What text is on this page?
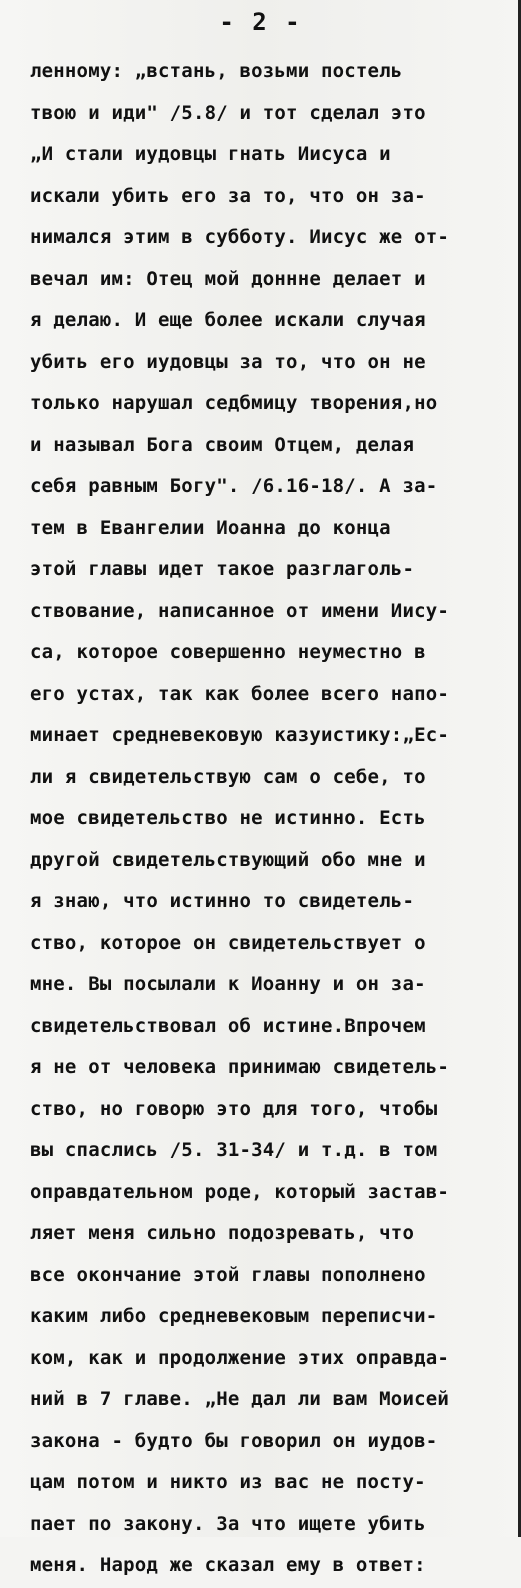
- 2 -
ленному: „встань, возьми постель
твою и иди" /5.8/ и тот сделал это
„И стали иудовцы гнать Иисуса и
искали убить его за то, что он за-
нимался этим в субботу. Иисус же от-
вечал им: Отец мой доннне делает и
я делаю. И еще более искали случая
убить его иудовцы за то, что он не
только нарушал седбмицу творения,но
и называл Бога своим Отцем, делая
себя равным Богу". /6.16-18/. А за-
тем в Евангелии Иоанна до конца
этой главы идет такое разглаголь-
ствование, написанное от имени Иису-
са, которое совершенно неуместно в
его устах, так как более всего напо-
минает средневековую казуистику:„Ес-
ли я свидетельствую сам о себе, то
мое свидетельство не истинно. Есть
другой свидетельствующий обо мне и
я знаю, что истинно то свидетель-
ство, которое он свидетельствует о
мне. Вы посылали к Иоанну и он за-
свидетельствовал об истине.Впрочем
я не от человека принимаю свидетель-
ство, но говорю это для того, чтобы
вы спаслись /5. 31-34/ и т.д. в том
оправдательном роде, который застав-
ляет меня сильно подозревать, что
все окончание этой главы пополнено
каким либо средневековым переписчи-
ком, как и продолжение этих оправда-
ний в 7 главе. „Не дал ли вам Моисей
закона - будто бы говорил он иудов-
цам потом и никто из вас не посту-
пает по закону. За что ищете убить
меня. Народ же сказал ему в ответ:
